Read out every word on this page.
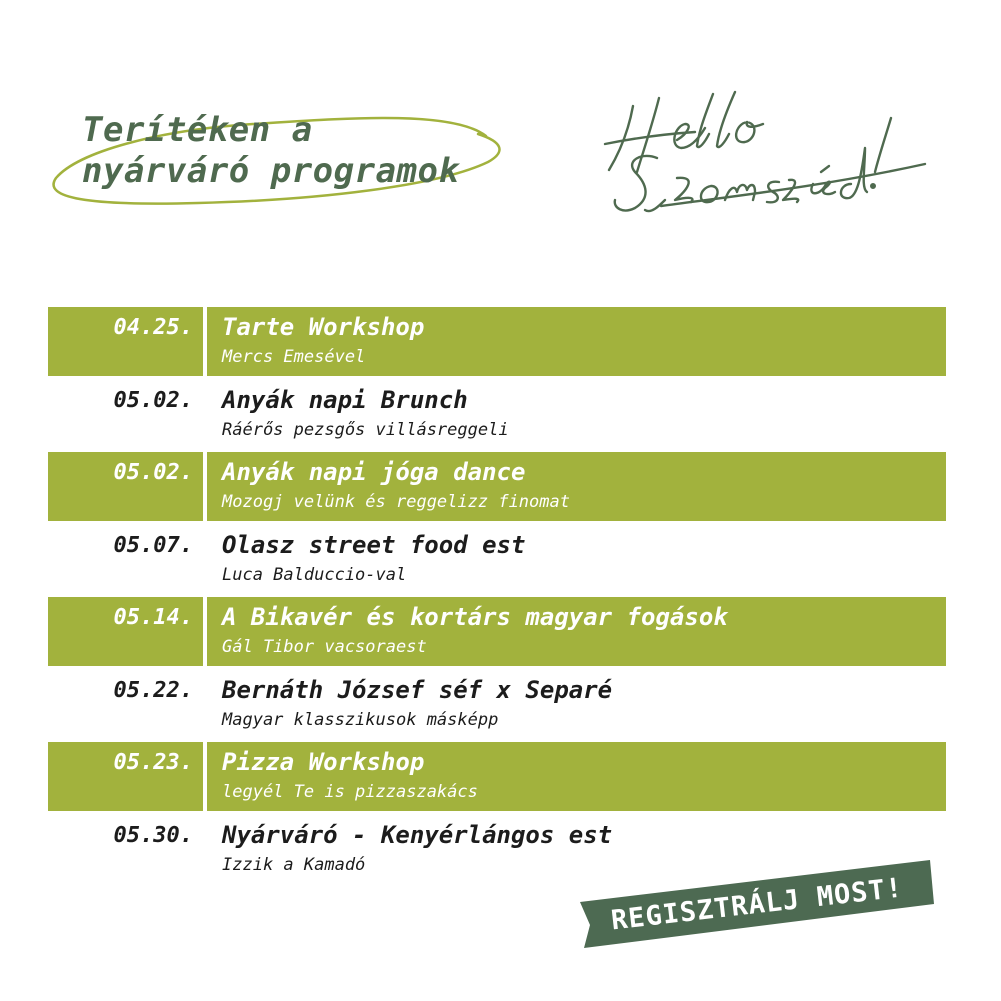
Terítéken a
nyárváró programok
04.25. Tarte Workshop
Mercs Emesével
05.02. Anyák napi Brunch
Ráérős pezsgős villásreggeli
05.02. Anyák napi jóga dance
Mozogj velünk és reggelizz finomat
05.07. Olasz street food est
Luca Balduccio-val
05.14. A Bikavér és kortárs magyar fogások
Gál Tibor vacsoraest
05.22. Bernáth József séf x Separé
Magyar klasszikusok másképp
05.23. Pizza Workshop
legyél Te is pizzaszakács
05.30. Nyárváró - Kenyérlángos est
Izzik a Kamadó
REGISZTRÁLJ MOST!
